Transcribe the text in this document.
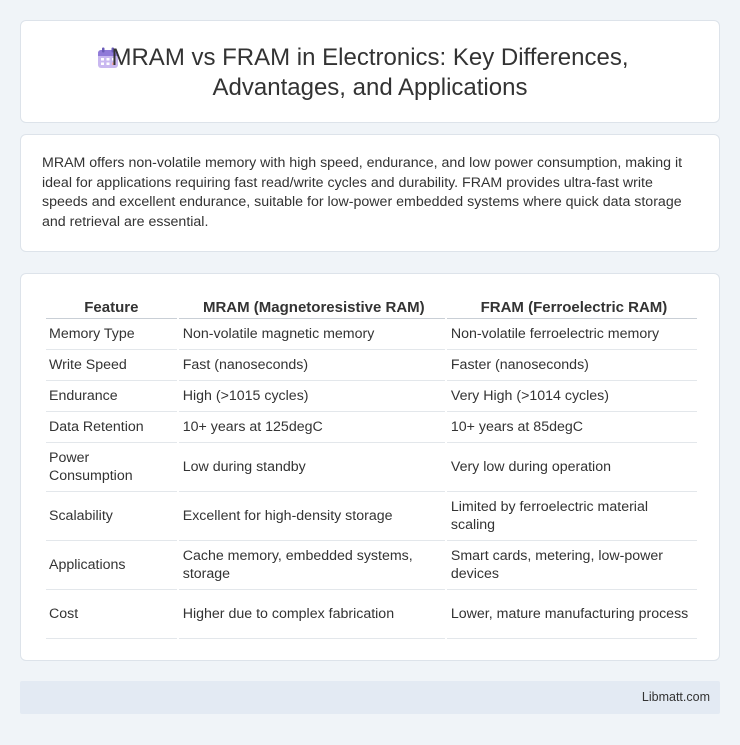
MRAM vs FRAM in Electronics: Key Differences, Advantages, and Applications

MRAM offers non-volatile memory with high speed, endurance, and low power consumption, making it ideal for applications requiring fast read/write cycles and durability. FRAM provides ultra-fast write speeds and excellent endurance, suitable for low-power embedded systems where quick data storage and retrieval are essential.

Feature	MRAM (Magnetoresistive RAM)	FRAM (Ferroelectric RAM)
Memory Type	Non-volatile magnetic memory	Non-volatile ferroelectric memory
Write Speed	Fast (nanoseconds)	Faster (nanoseconds)
Endurance	High (>1015 cycles)	Very High (>1014 cycles)
Data Retention	10+ years at 125degC	10+ years at 85degC
Power Consumption	Low during standby	Very low during operation
Scalability	Excellent for high-density storage	Limited by ferroelectric material scaling
Applications	Cache memory, embedded systems, storage	Smart cards, metering, low-power devices
Cost	Higher due to complex fabrication	Lower, mature manufacturing process
Libmatt.com
